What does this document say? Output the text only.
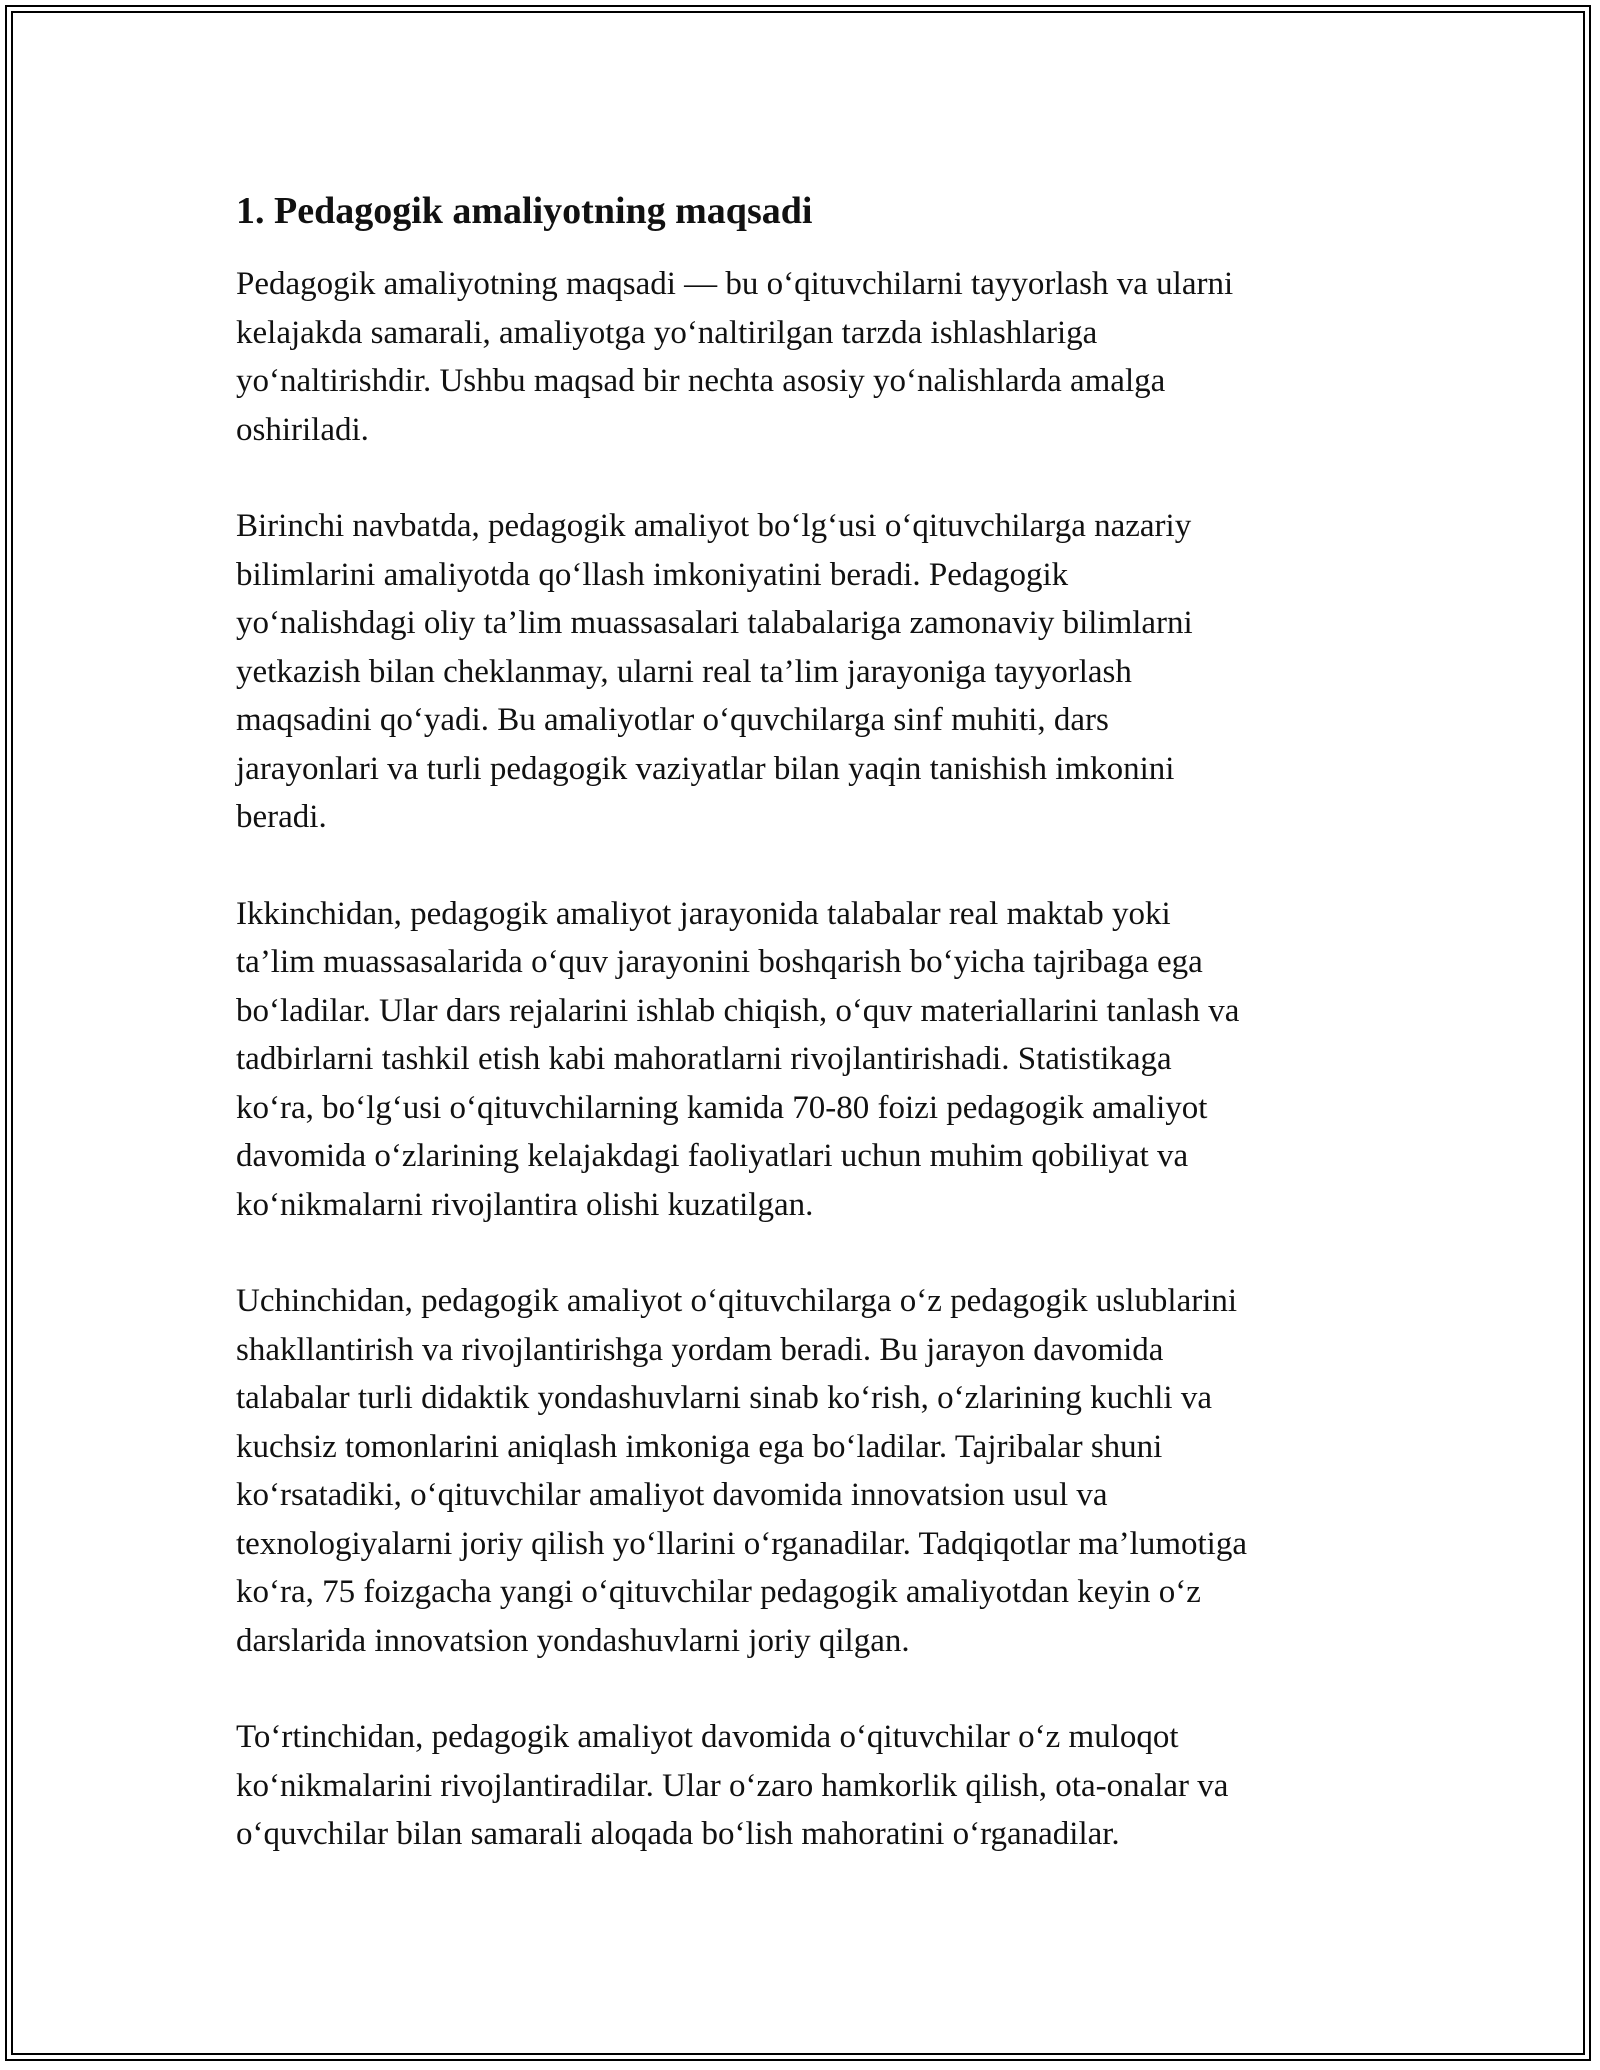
1. Pedagogik amaliyotning maqsadi

Pedagogik amaliyotning maqsadi — bu o‘qituvchilarni tayyorlash va ularni
kelajakda samarali, amaliyotga yo‘naltirilgan tarzda ishlashlariga
yo‘naltirishdir. Ushbu maqsad bir nechta asosiy yo‘nalishlarda amalga
oshiriladi.

Birinchi navbatda, pedagogik amaliyot bo‘lg‘usi o‘qituvchilarga nazariy
bilimlarini amaliyotda qo‘llash imkoniyatini beradi. Pedagogik
yo‘nalishdagi oliy ta’lim muassasalari talabalariga zamonaviy bilimlarni
yetkazish bilan cheklanmay, ularni real ta’lim jarayoniga tayyorlash
maqsadini qo‘yadi. Bu amaliyotlar o‘quvchilarga sinf muhiti, dars
jarayonlari va turli pedagogik vaziyatlar bilan yaqin tanishish imkonini
beradi.

Ikkinchidan, pedagogik amaliyot jarayonida talabalar real maktab yoki
ta’lim muassasalarida o‘quv jarayonini boshqarish bo‘yicha tajribaga ega
bo‘ladilar. Ular dars rejalarini ishlab chiqish, o‘quv materiallarini tanlash va
tadbirlarni tashkil etish kabi mahoratlarni rivojlantirishadi. Statistikaga
ko‘ra, bo‘lg‘usi o‘qituvchilarning kamida 70-80 foizi pedagogik amaliyot
davomida o‘zlarining kelajakdagi faoliyatlari uchun muhim qobiliyat va
ko‘nikmalarni rivojlantira olishi kuzatilgan.

Uchinchidan, pedagogik amaliyot o‘qituvchilarga o‘z pedagogik uslublarini
shakllantirish va rivojlantirishga yordam beradi. Bu jarayon davomida
talabalar turli didaktik yondashuvlarni sinab ko‘rish, o‘zlarining kuchli va
kuchsiz tomonlarini aniqlash imkoniga ega bo‘ladilar. Tajribalar shuni
ko‘rsatadiki, o‘qituvchilar amaliyot davomida innovatsion usul va
texnologiyalarni joriy qilish yo‘llarini o‘rganadilar. Tadqiqotlar ma’lumotiga
ko‘ra, 75 foizgacha yangi o‘qituvchilar pedagogik amaliyotdan keyin o‘z
darslarida innovatsion yondashuvlarni joriy qilgan.

To‘rtinchidan, pedagogik amaliyot davomida o‘qituvchilar o‘z muloqot
ko‘nikmalarini rivojlantiradilar. Ular o‘zaro hamkorlik qilish, ota-onalar va
o‘quvchilar bilan samarali aloqada bo‘lish mahoratini o‘rganadilar.
